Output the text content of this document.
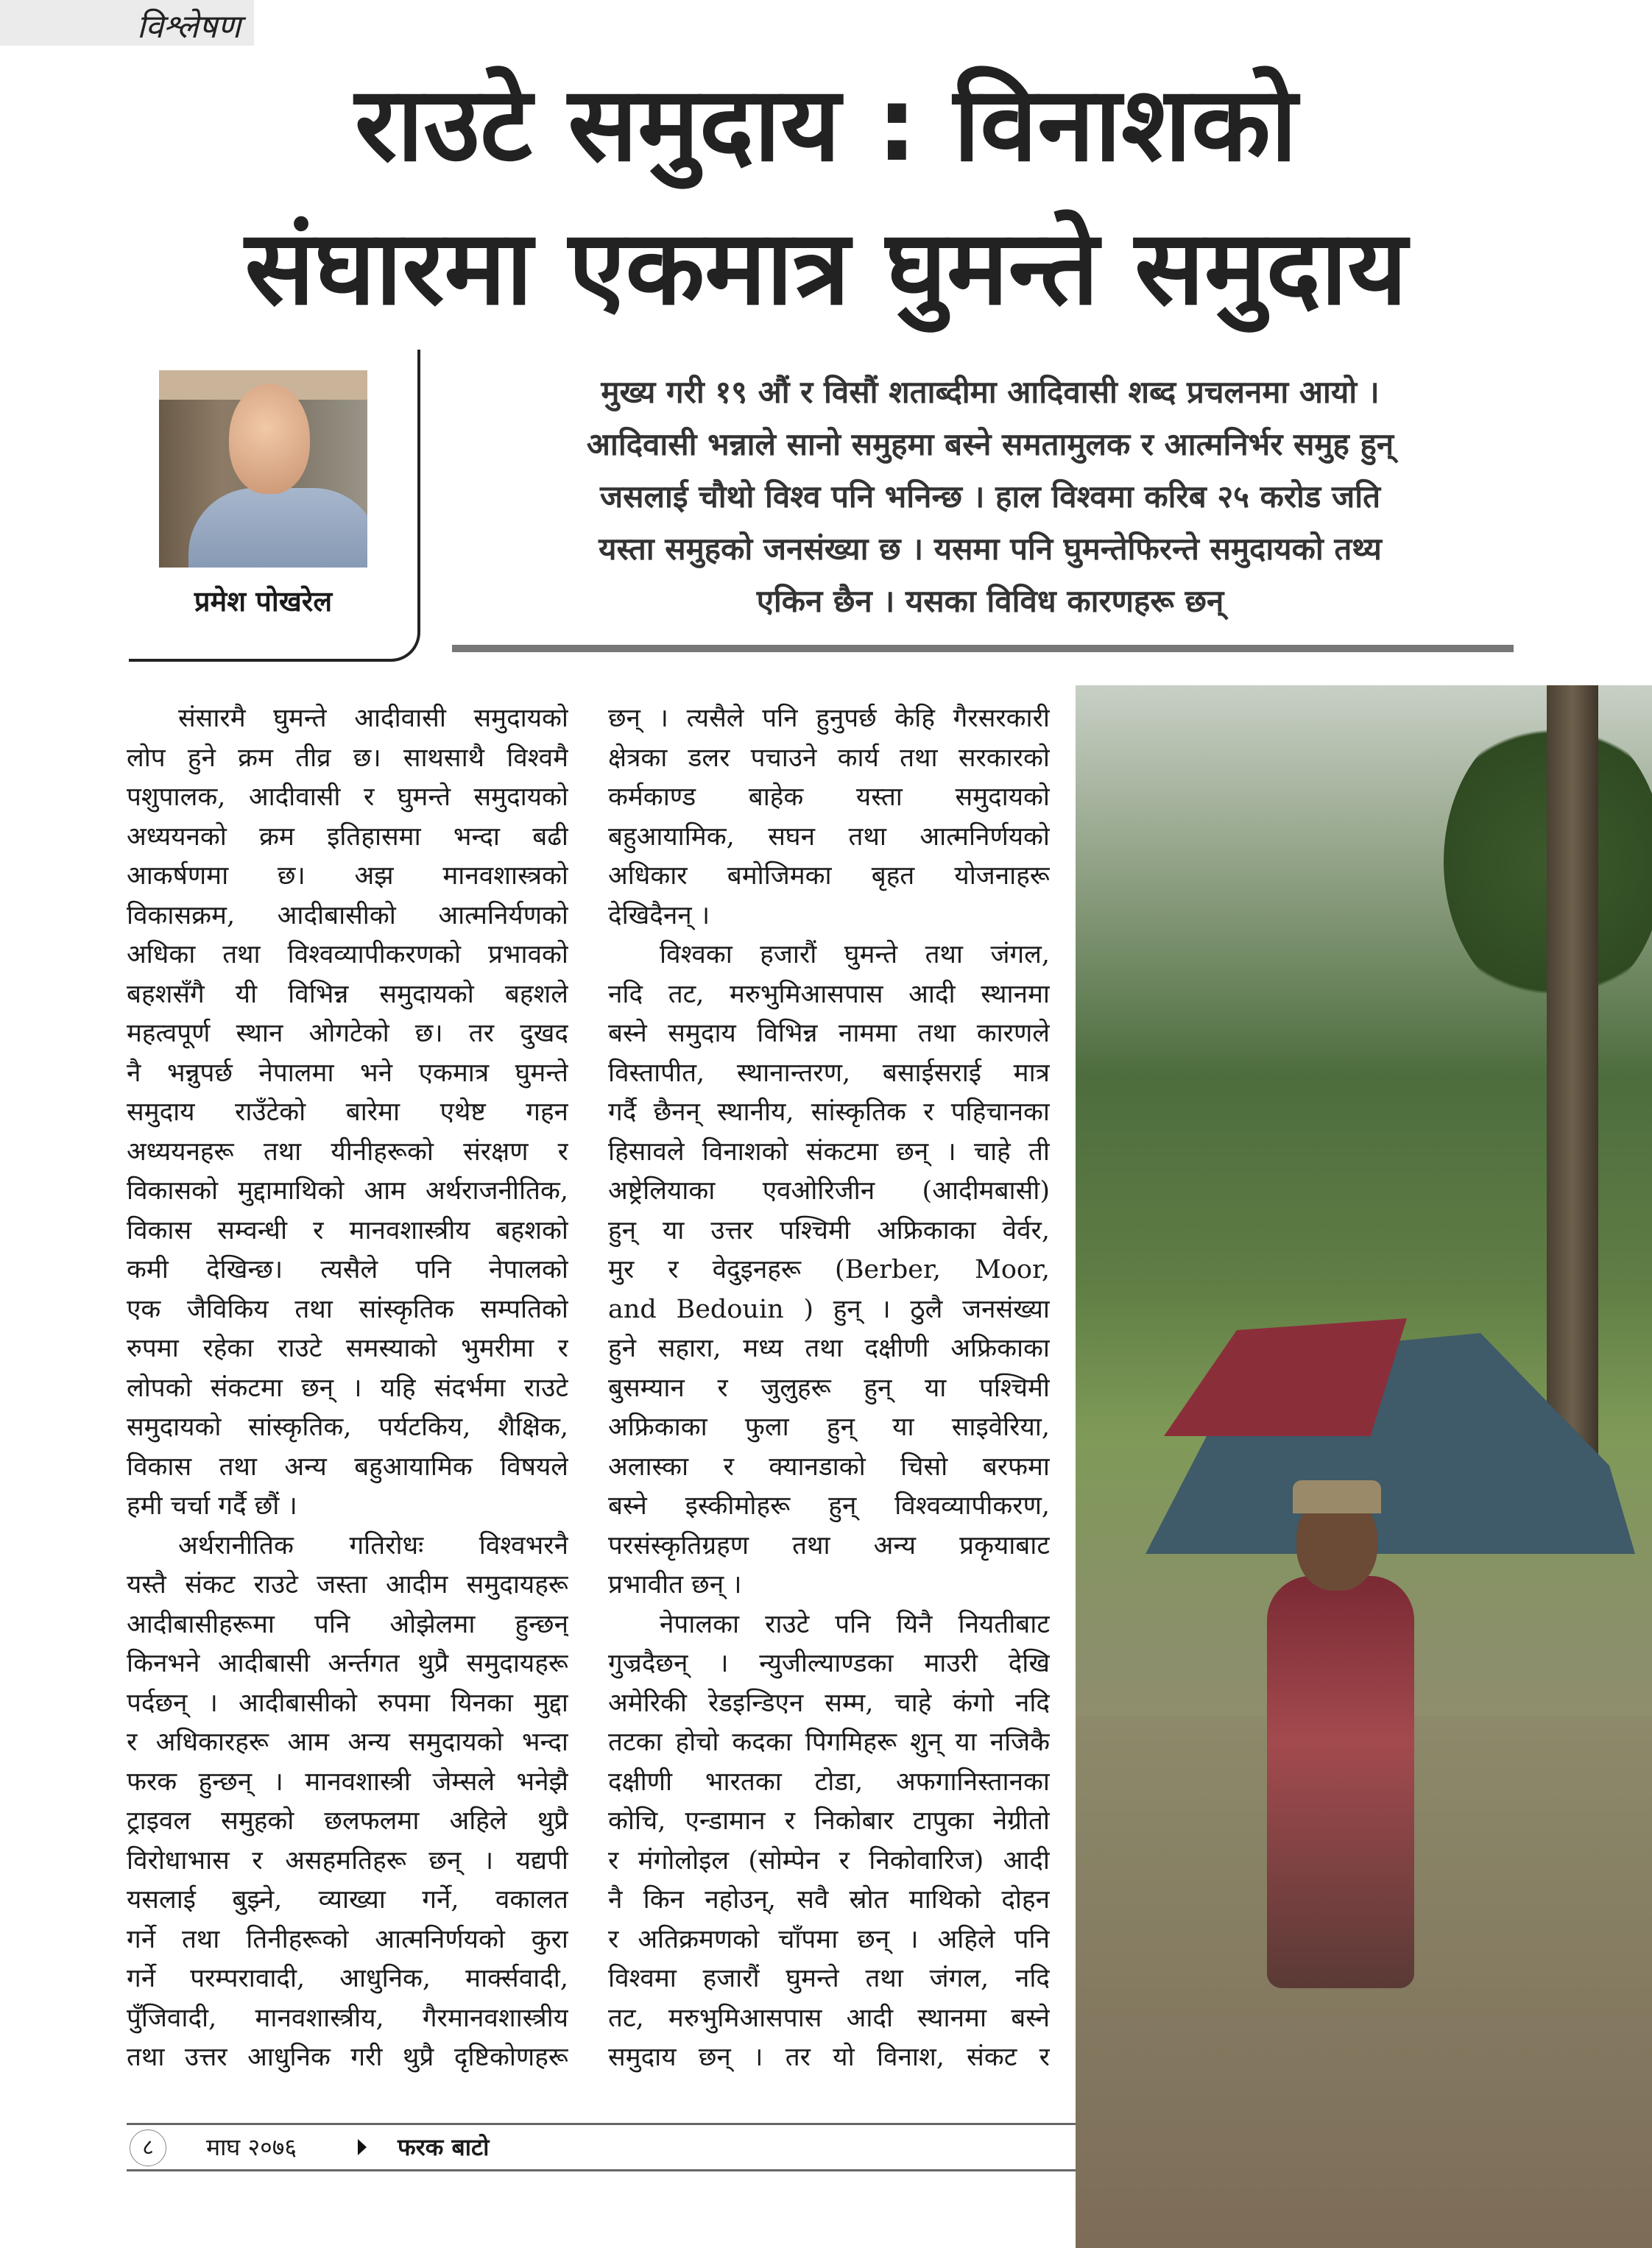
विश्लेषण
राउटे समुदाय : विनाशको
संघारमा एकमात्र घुमन्ते समुदाय
प्रमेश पोखरेल
मुख्य गरी १९ औं र विसौं शताब्दीमा आदिवासी शब्द प्रचलनमा आयो ।
आदिवासी भन्नाले सानो समुहमा बस्ने समतामुलक र आत्मनिर्भर समुह हुन्
जसलाई चौथो विश्व पनि भनिन्छ । हाल विश्वमा करिब २५ करोड जति
यस्ता समुहको जनसंख्या छ । यसमा पनि घुमन्तेफिरन्ते समुदायको तथ्य
एकिन छैन । यसका विविध कारणहरू छन्
संसारमै घुमन्ते आदीवासी समुदायको
लोप हुने क्रम तीव्र छ। साथसाथै विश्वमै
पशुपालक, आदीवासी र घुमन्ते समुदायको
अध्ययनको क्रम इतिहासमा भन्दा बढी
आकर्षणमा छ। अझ मानवशास्त्रको
विकासक्रम, आदीबासीको आत्मनिर्यणको
अधिका तथा विश्वव्यापीकरणको प्रभावको
बहशसँगै यी विभिन्न समुदायको बहशले
महत्वपूर्ण स्थान ओगटेको छ। तर दुखद
नै भन्नुपर्छ नेपालमा भने एकमात्र घुमन्ते
समुदाय राउँटेको बारेमा एथेष्ट गहन
अध्ययनहरू तथा यीनीहरूको संरक्षण र
विकासको मुद्दामाथिको आम अर्थराजनीतिक,
विकास सम्वन्धी र मानवशास्त्रीय बहशको
कमी देखिन्छ। त्यसैले पनि नेपालको
एक जैविकिय तथा सांस्कृतिक सम्पतिको
रुपमा रहेका राउटे समस्याको भुमरीमा र
लोपको संकटमा छन् । यहि संदर्भमा राउटे
समुदायको सांस्कृतिक, पर्यटकिय, शैक्षिक,
विकास तथा अन्य बहुआयामिक विषयले
हमी चर्चा गर्दै छौं ।
अर्थरानीतिक गतिरोधः विश्वभरनै
यस्तै संकट राउटे जस्ता आदीम समुदायहरू
आदीबासीहरूमा पनि ओझेलमा हुन्छन्
किनभने आदीबासी अर्न्तगत थुप्रै समुदायहरू
पर्दछन् । आदीबासीको रुपमा यिनका मुद्दा
र अधिकारहरू आम अन्य समुदायको भन्दा
फरक हुन्छन् । मानवशास्त्री जेम्सले भनेझै
ट्राइवल समुहको छलफलमा अहिले थुप्रै
विरोधाभास र असहमतिहरू छन् । यद्यपी
यसलाई बुझ्ने, व्याख्या गर्ने, वकालत
गर्ने तथा तिनीहरूको आत्मनिर्णयको कुरा
गर्ने परम्परावादी, आधुनिक, मार्क्सवादी,
पुँजिवादी, मानवशास्त्रीय, गैरमानवशास्त्रीय
तथा उत्तर आधुनिक गरी थुप्रै दृष्टिकोणहरू
छन् । त्यसैले पनि हुनुपर्छ केहि गैरसरकारी
क्षेत्रका डलर पचाउने कार्य तथा सरकारको
कर्मकाण्ड बाहेक यस्ता समुदायको
बहुआयामिक, सघन तथा आत्मनिर्णयको
अधिकार बमोजिमका बृहत योजनाहरू
देखिदैनन् ।
विश्वका हजारौं घुमन्ते तथा जंगल,
नदि तट, मरुभुमिआसपास आदी स्थानमा
बस्ने समुदाय विभिन्न नाममा तथा कारणले
विस्तापीत, स्थानान्तरण, बसाईसराई मात्र
गर्दै छैनन् स्थानीय, सांस्कृतिक र पहिचानका
हिसावले विनाशको संकटमा छन् । चाहे ती
अष्ट्रेलियाका एवओरिजीन (आदीमबासी)
हुन् या उत्तर पश्चिमी अफ्रिकाका वेर्वर,
मुर र वेदुइनहरू (Berber, Moor,
and Bedouin ) हुन् । ठुलै जनसंख्या
हुने सहारा, मध्य तथा दक्षीणी अफ्रिकाका
बुसम्यान र जुलुहरू हुन् या पश्चिमी
अफ्रिकाका फुला हुन् या साइवेरिया,
अलास्का र क्यानडाको चिसो बरफमा
बस्ने इस्कीमोहरू हुन् विश्वव्यापीकरण,
परसंस्कृतिग्रहण तथा अन्य प्रकृयाबाट
प्रभावीत छन् ।
नेपालका राउटे पनि यिनै नियतीबाट
गुज्रदैछन् । न्युजील्याण्डका माउरी देखि
अमेरिकी रेडइन्डिएन सम्म, चाहे कंगो नदि
तटका होचो कदका पिगमिहरू शुन् या नजिकै
दक्षीणी भारतका टोडा, अफगानिस्तानका
कोचि, एन्डामान र निकोबार टापुका नेग्रीतो
र मंगोलोइल (सोम्पेन र निकोवारिज) आदी
नै किन नहोउन्, सवै स्रोत माथिको दोहन
र अतिक्रमणको चाँपमा छन् । अहिले पनि
विश्वमा हजारौं घुमन्ते तथा जंगल, नदि
तट, मरुभुमिआसपास आदी स्थानमा बस्ने
समुदाय छन् । तर यो विनाश, संकट र
८	माघ २०७६	फरक बाटो
